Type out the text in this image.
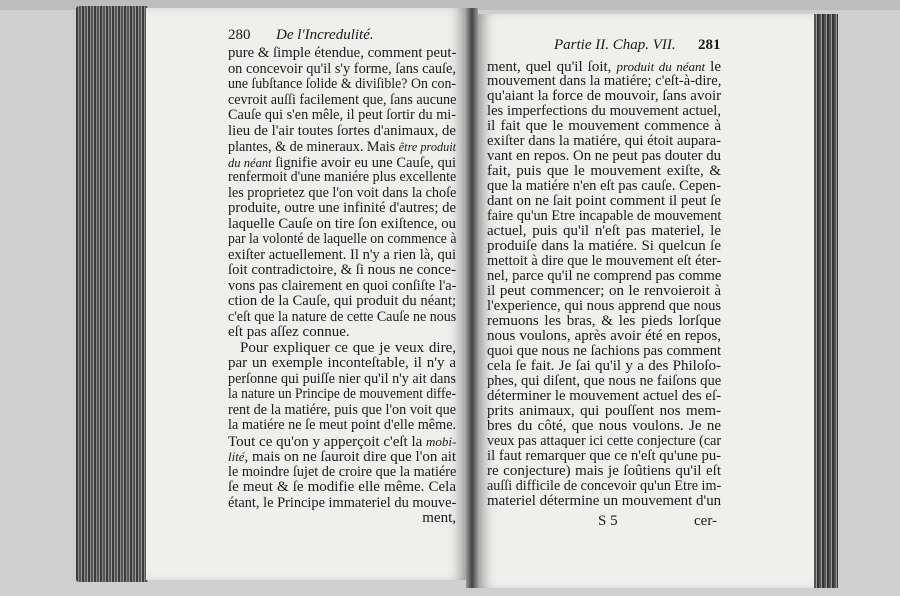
280 De l'Incredulité.
pure & ſimple étendue, comment peut-
on concevoir qu'il s'y forme, ſans cauſe,
une ſubſtance ſolide & diviſible? On con-
cevroit auſſi facilement que, ſans aucune
Cauſe qui s'en mêle, il peut ſortir du mi-
lieu de l'air toutes ſortes d'animaux, de
plantes, & de mineraux. Mais être produit
du néant ſignifie avoir eu une Cauſe, qui
renfermoit d'une maniére plus excellente
les proprietez que l'on voit dans la choſe
produite, outre une infinité d'autres; de
laquelle Cauſe on tire ſon exiſtence, ou
par la volonté de laquelle on commence à
exiſter actuellement. Il n'y a rien là, qui
ſoit contradictoire, & ſi nous ne conce-
vons pas clairement en quoi conſiſte l'a-
ction de la Cauſe, qui produit du néant;
c'eſt que la nature de cette Cauſe ne nous
eſt pas aſſez connue.
Pour expliquer ce que je veux dire,
par un exemple inconteſtable, il n'y a
perſonne qui puiſſe nier qu'il n'y ait dans
la nature un Principe de mouvement diffe-
rent de la matiére, puis que l'on voit que
la matiére ne ſe meut point d'elle même.
Tout ce qu'on y apperçoit c'eſt la mobi-
lité, mais on ne ſauroit dire que l'on ait
le moindre ſujet de croire que la matiére
ſe meut & ſe modifie elle même. Cela
étant, le Principe immateriel du mouve-
ment,
Partie II. Chap. VII. 281
ment, quel qu'il ſoit, produit du néant le
mouvement dans la matiére; c'eſt-à-dire,
qu'aiant la force de mouvoir, ſans avoir
les imperfections du mouvement actuel,
il fait que le mouvement commence à
exiſter dans la matiére, qui étoit aupara-
vant en repos. On ne peut pas douter du
fait, puis que le mouvement exiſte, &
que la matiére n'en eſt pas cauſe. Cepen-
dant on ne ſait point comment il peut ſe
faire qu'un Etre incapable de mouvement
actuel, puis qu'il n'eſt pas materiel, le
produiſe dans la matiére. Si quelcun ſe
mettoit à dire que le mouvement eſt éter-
nel, parce qu'il ne comprend pas comme
il peut commencer; on le renvoieroit à
l'experience, qui nous apprend que nous
remuons les bras, & les pieds lorſque
nous voulons, après avoir été en repos,
quoi que nous ne ſachions pas comment
cela ſe fait. Je ſai qu'il y a des Philoſo-
phes, qui diſent, que nous ne faiſons que
déterminer le mouvement actuel des eſ-
prits animaux, qui pouſſent nos mem-
bres du côté, que nous voulons. Je ne
veux pas attaquer ici cette conjecture (car
il faut remarquer que ce n'eſt qu'une pu-
re conjecture) mais je ſoûtiens qu'il eſt
auſſi difficile de concevoir qu'un Etre im-
materiel détermine un mouvement d'un
S 5	cer-
